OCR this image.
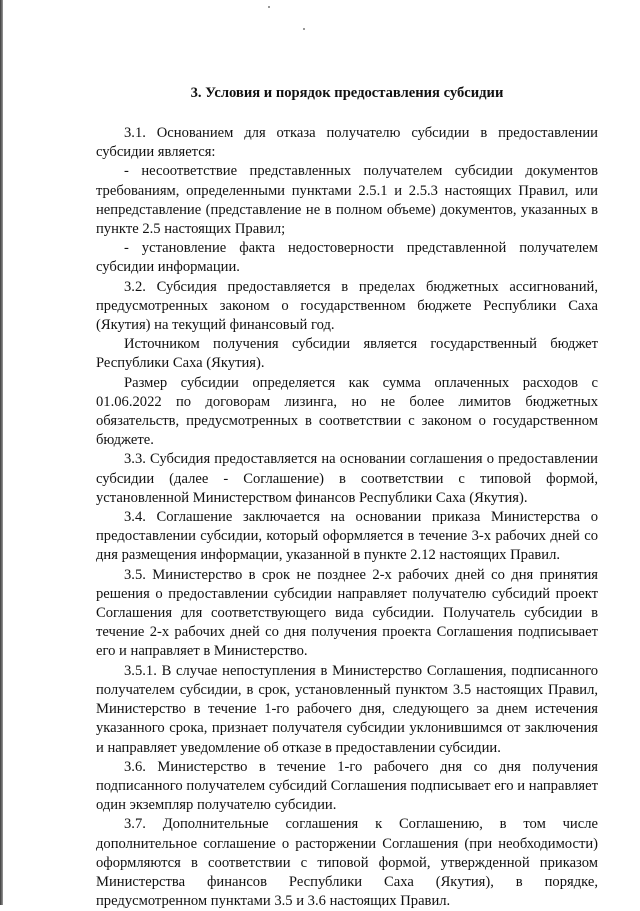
3. Условия и порядок предоставления субсидии

3.1. Основанием для отказа получателю субсидии в предоставлении субсидии является:

- несоответствие представленных получателем субсидии документов требованиям, определенными пунктами 2.5.1 и 2.5.3 настоящих Правил, или непредставление (представление не в полном объеме) документов, указанных в пункте 2.5 настоящих Правил;

- установление факта недостоверности представленной получателем субсидии информации.

3.2. Субсидия предоставляется в пределах бюджетных ассигнований, предусмотренных законом о государственном бюджете Республики Саха (Якутия) на текущий финансовый год.

Источником получения субсидии является государственный бюджет Республики Саха (Якутия).

Размер субсидии определяется как сумма оплаченных расходов с 01.06.2022 по договорам лизинга, но не более лимитов бюджетных обязательств, предусмотренных в соответствии с законом о государственном бюджете.

3.3. Субсидия предоставляется на основании соглашения о предоставлении субсидии (далее - Соглашение) в соответствии с типовой формой, установленной Министерством финансов Республики Саха (Якутия).

3.4. Соглашение заключается на основании приказа Министерства о предоставлении субсидии, который оформляется в течение 3-х рабочих дней со дня размещения информации, указанной в пункте 2.12 настоящих Правил.

3.5. Министерство в срок не позднее 2-х рабочих дней со дня принятия решения о предоставлении субсидии направляет получателю субсидий проект Соглашения для соответствующего вида субсидии. Получатель субсидии в течение 2-х рабочих дней со дня получения проекта Соглашения подписывает его и направляет в Министерство.

3.5.1. В случае непоступления в Министерство Соглашения, подписанного получателем субсидии, в срок, установленный пунктом 3.5 настоящих Правил, Министерство в течение 1-го рабочего дня, следующего за днем истечения указанного срока, признает получателя субсидии уклонившимся от заключения и направляет уведомление об отказе в предоставлении субсидии.

3.6. Министерство в течение 1-го рабочего дня со дня получения подписанного получателем субсидий Соглашения подписывает его и направляет один экземпляр получателю субсидии.

3.7. Дополнительные соглашения к Соглашению, в том числе дополнительное соглашение о расторжении Соглашения (при необходимости) оформляются в соответствии с типовой формой, утвержденной приказом Министерства финансов Республики Саха (Якутия), в порядке, предусмотренном пунктами 3.5 и 3.6 настоящих Правил.
